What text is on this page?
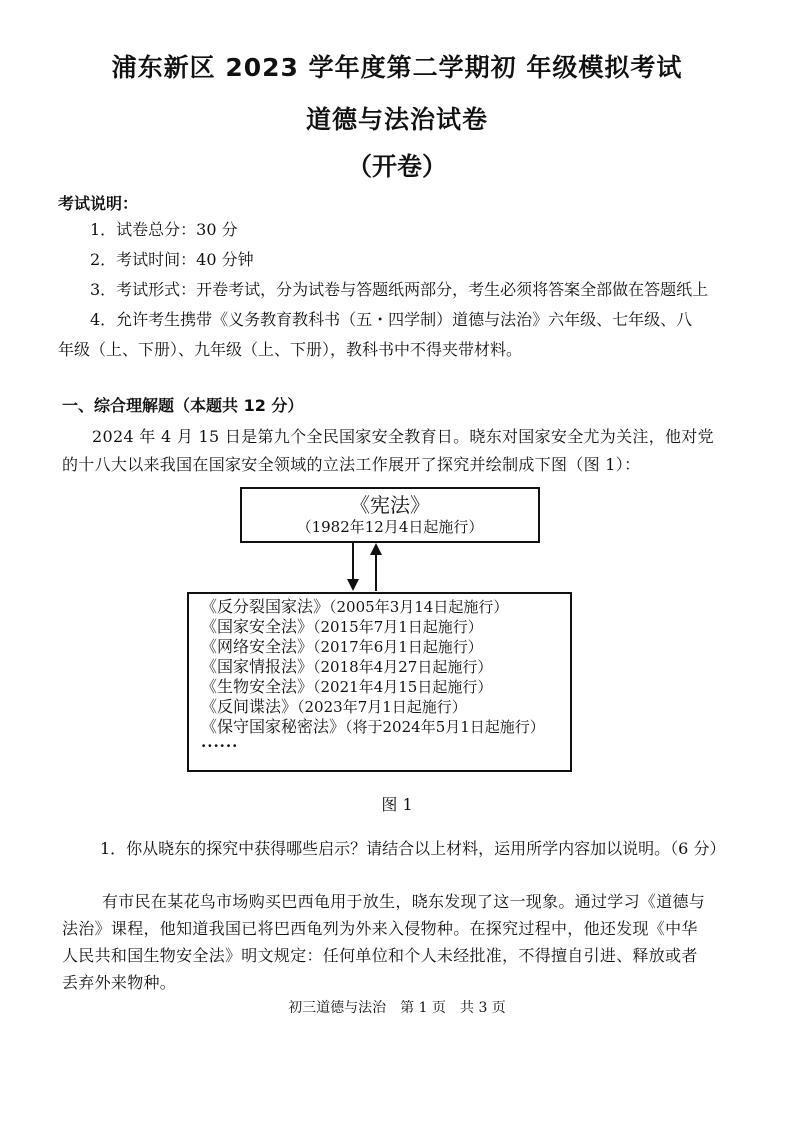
浦东新区 2023 学年度第二学期初 年级模拟考试
道德与法治试卷
（开卷）
考试说明：
1．试卷总分：30 分
2．考试时间：40 分钟
3．考试形式：开卷考试，分为试卷与答题纸两部分，考生必须将答案全部做在答题纸上
4．允许考生携带《义务教育教科书（五・四学制）道德与法治》六年级、七年级、八
年级（上、下册）、九年级（上、下册），教科书中不得夹带材料。
一、综合理解题（本题共 12 分）
2024 年 4 月 15 日是第九个全民国家安全教育日。晓东对国家安全尤为关注，他对党
的十八大以来我国在国家安全领域的立法工作展开了探究并绘制成下图（图 1）：
《宪法》
（1982年12月4日起施行）
《反分裂国家法》（2005年3月14日起施行）
《国家安全法》（2015年7月1日起施行）
《网络安全法》（2017年6月1日起施行）
《国家情报法》（2018年4月27日起施行）
《生物安全法》（2021年4月15日起施行）
《反间谍法》（2023年7月1日起施行）
《保守国家秘密法》（将于2024年5月1日起施行）
······
图 1
1．你从晓东的探究中获得哪些启示？请结合以上材料，运用所学内容加以说明。（6 分）
有市民在某花鸟市场购买巴西龟用于放生，晓东发现了这一现象。通过学习《道德与
法治》课程，他知道我国已将巴西龟列为外来入侵物种。在探究过程中，他还发现《中华
人民共和国生物安全法》明文规定：任何单位和个人未经批准，不得擅自引进、释放或者
丢弃外来物种。
初三道德与法治　第 1 页　共 3 页
